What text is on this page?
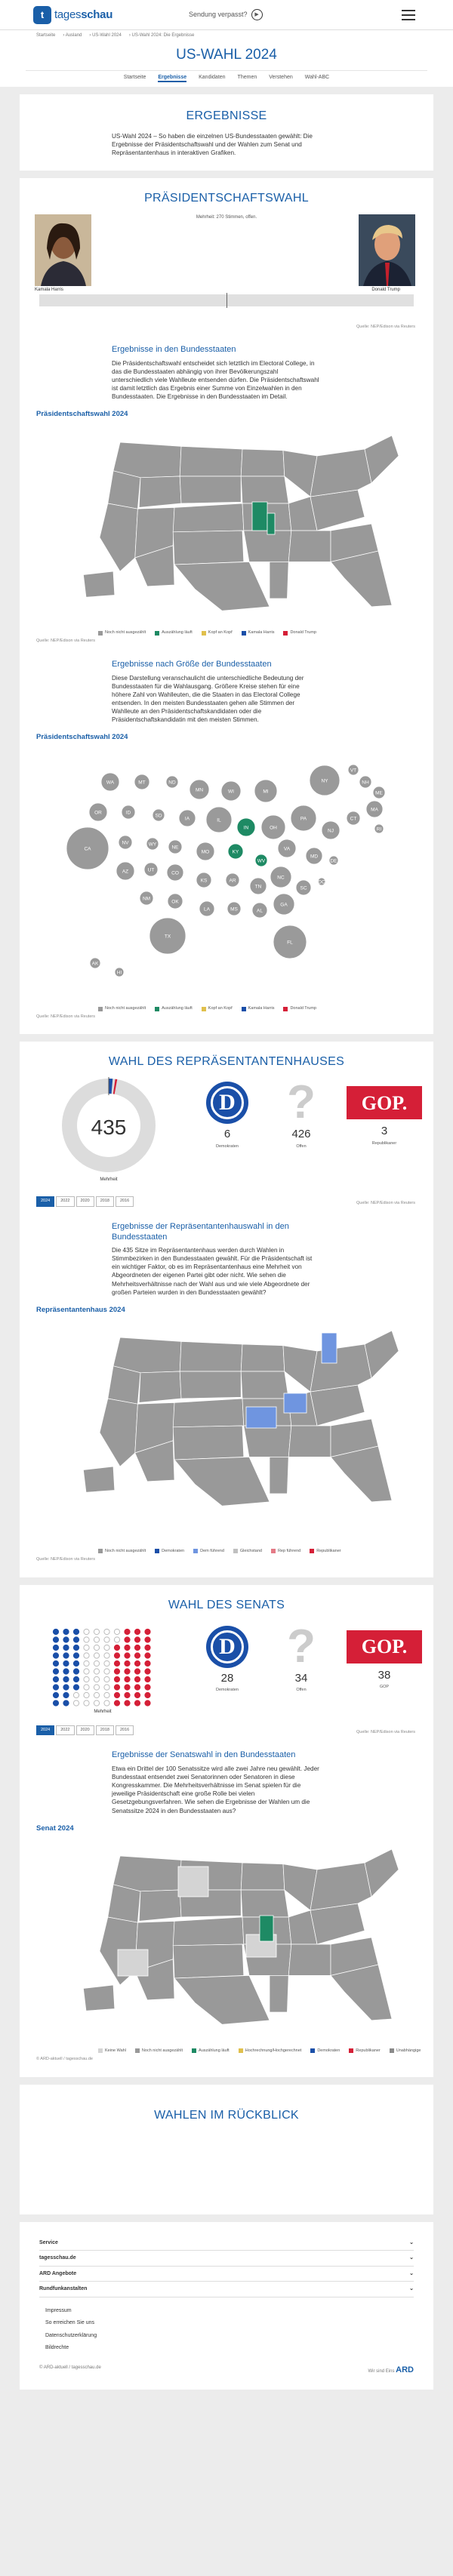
t tagesschau	Sendung verpasst?	▶
Startseite	› Ausland	› US-Wahl 2024	› US-Wahl 2024: Die Ergebnisse
US-WAHL 2024
Startseite Ergebnisse Kandidaten Themen Verstehen Wahl-ABC
ERGEBNISSE
US-Wahl 2024 – So haben die einzelnen US-Bundesstaaten gewählt: Die Ergebnisse der Präsidentschaftswahl und der Wahlen zum Senat und Repräsentantenhaus in interaktiven Grafiken.
PRÄSIDENTSCHAFTSWAHL
Mehrheit: 270 Stimmen, offen.
Kamala Harris	Donald Trump
Quelle: NEP/Edison via Reuters
Ergebnisse in den Bundesstaaten
Die Präsidentschaftswahl entscheidet sich letztlich im Electoral College, in das die Bundesstaaten abhängig von ihrer Bevölkerungszahl unterschiedlich viele Wahlleute entsenden dürfen. Die Präsidentschaftswahl ist damit letztlich das Ergebnis einer Summe von Einzelwahlen in den Bundesstaaten. Die Ergebnisse in den Bundesstaaten im Detail.
Präsidentschaftswahl 2024
Noch nicht ausgezählt	Auszählung läuft	Kopf an Kopf	Kamala Harris	Donald Trump
Quelle: NEP/Edison via Reuters
Ergebnisse nach Größe der Bundesstaaten
Diese Darstellung veranschaulicht die unterschiedliche Bedeutung der Bundesstaaten für die Wahlausgang. Größere Kreise stehen für eine höhere Zahl von Wahlleuten, die die Staaten in das Electoral College entsenden. In den meisten Bundesstaaten gehen alle Stimmen der Wahlleute an den Präsidentschaftskandidaten oder die Präsidentschaftskandidatin mit den meisten Stimmen.
Präsidentschaftswahl 2024
WA	MT	ND
MN	WI	MI
NY
VT
NH
ME
OR	ID
SD
IA	IL
IN	OH
PA
NJ
CT
MA
RI
CA
NV	WY
NE
MO	KY
WV
VA
MD
DE
AZ	UT
CO
KS	AR
TN
NC
SC
DC
NM
OK
LA	MS	AL
GA
TX
FL
AK
HI
Noch nicht ausgezählt	Auszählung läuft	Kopf an Kopf	Kamala Harris	Donald Trump
Quelle: NEP/Edison via Reuters
WAHL DES REPRÄSENTANTENHAUSES
435
Mehrheit
D
6
Demokraten
?
426
Offen
GOP.
3
Republikaner
2024	2022	2020	2018	2016	Quelle: NEP/Edison via Reuters
Ergebnisse der Repräsentantenhauswahl in den Bundesstaaten
Die 435 Sitze im Repräsentantenhaus werden durch Wahlen in Stimmbezirken in den Bundesstaaten gewählt. Für die Präsidentschaft ist ein wichtiger Faktor, ob es im Repräsentantenhaus eine Mehrheit von Abgeordneten der eigenen Partei gibt oder nicht. Wie sehen die Mehrheitsverhältnisse nach der Wahl aus und wie viele Abgeordnete der großen Parteien wurden in den Bundesstaaten gewählt?
Repräsentantenhaus 2024
Noch nicht ausgezählt	Demokraten	Dem führend	Gleichstand	Rep führend	Republikaner
Quelle: NEP/Edison via Reuters
WAHL DES SENATS
Mehrheit
D
28
Demokraten
?
34
Offen
GOP.
38
GOP
2024	2022	2020	2018	2016	Quelle: NEP/Edison via Reuters
Ergebnisse der Senatswahl in den Bundesstaaten
Etwa ein Drittel der 100 Senatssitze wird alle zwei Jahre neu gewählt. Jeder Bundesstaat entsendet zwei Senatorinnen oder Senatoren in diese Kongresskammer. Die Mehrheitsverhältnisse im Senat spielen für die jeweilige Präsidentschaft eine große Rolle bei vielen Gesetzgebungsverfahren. Wie sehen die Ergebnisse der Wahlen um die Senatssitze 2024 in den Bundesstaaten aus?
Senat 2024
Keine Wahl	Noch nicht ausgezählt	Auszählung läuft	Hochrechnung/Hochgerechnet	Demokraten	Republikaner	Unabhängige
© ARD-aktuell / tagesschau.de
WAHLEN IM RÜCKBLICK
Service	⌄
tagesschau.de	⌄
ARD Angebote	⌄
Rundfunkanstalten	⌄
Impressum
So erreichen Sie uns
Datenschutzerklärung
Bildrechte
© ARD-aktuell / tagesschau.de
Wir sind Eins ARD
